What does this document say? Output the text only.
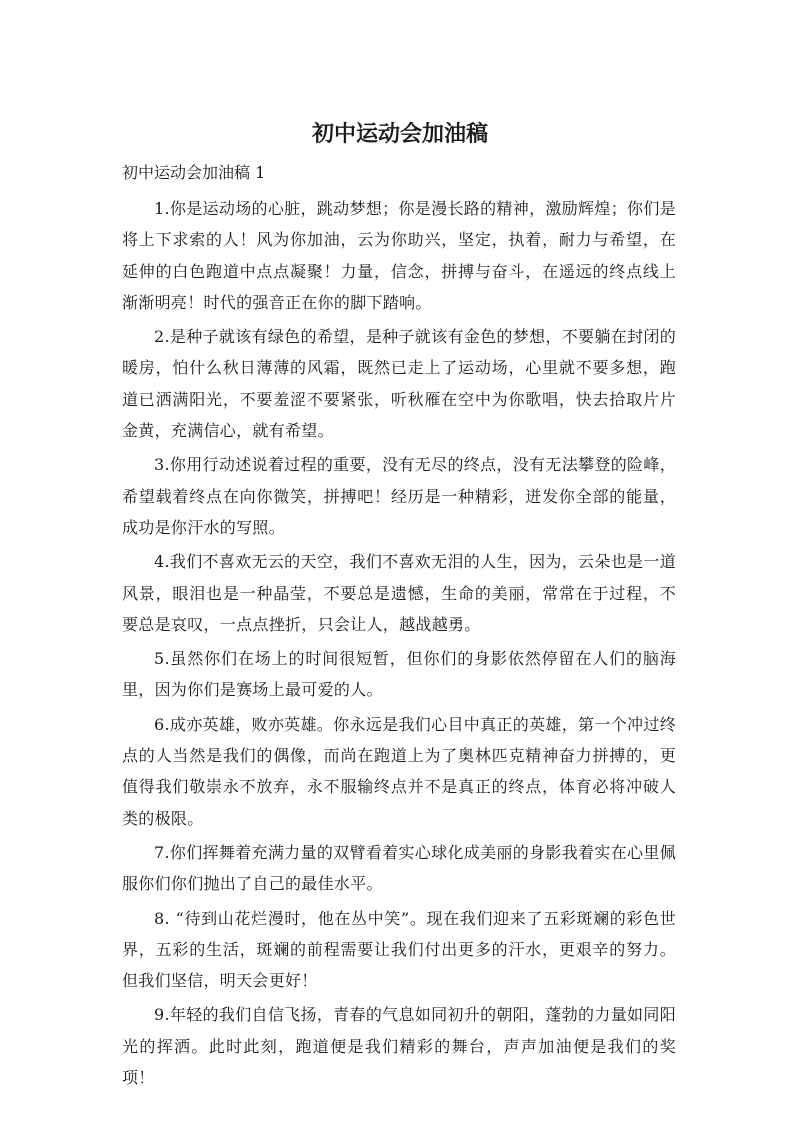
初中运动会加油稿

初中运动会加油稿 1

1.你是运动场的心脏，跳动梦想；你是漫长路的精神，激励辉煌；你们是将上下求索的人！风为你加油，云为你助兴，坚定，执着，耐力与希望，在延伸的白色跑道中点点凝聚！力量，信念，拼搏与奋斗，在遥远的终点线上渐渐明亮！时代的强音正在你的脚下踏响。

2.是种子就该有绿色的希望，是种子就该有金色的梦想，不要躺在封闭的暖房，怕什么秋日薄薄的风霜，既然已走上了运动场，心里就不要多想，跑道已洒满阳光，不要羞涩不要紧张，听秋雁在空中为你歌唱，快去拾取片片金黄，充满信心，就有希望。

3.你用行动述说着过程的重要，没有无尽的终点，没有无法攀登的险峰，希望载着终点在向你微笑，拼搏吧！经历是一种精彩，迸发你全部的能量，成功是你汗水的写照。

4.我们不喜欢无云的天空，我们不喜欢无泪的人生，因为，云朵也是一道风景，眼泪也是一种晶莹，不要总是遗憾，生命的美丽，常常在于过程，不要总是哀叹，一点点挫折，只会让人，越战越勇。

5.虽然你们在场上的时间很短暂，但你们的身影依然停留在人们的脑海里，因为你们是赛场上最可爱的人。

6.成亦英雄，败亦英雄。你永远是我们心目中真正的英雄，第一个冲过终点的人当然是我们的偶像，而尚在跑道上为了奥林匹克精神奋力拼搏的，更值得我们敬崇永不放弃，永不服输终点并不是真正的终点，体育必将冲破人类的极限。

7.你们挥舞着充满力量的双臂看着实心球化成美丽的身影我着实在心里佩服你们你们抛出了自己的最佳水平。

8. “待到山花烂漫时，他在丛中笑”。现在我们迎来了五彩斑斓的彩色世界，五彩的生活，斑斓的前程需要让我们付出更多的汗水，更艰辛的努力。但我们坚信，明天会更好！

9.年轻的我们自信飞扬，青春的气息如同初升的朝阳，蓬勃的力量如同阳光的挥洒。此时此刻，跑道便是我们精彩的舞台，声声加油便是我们的奖项！
